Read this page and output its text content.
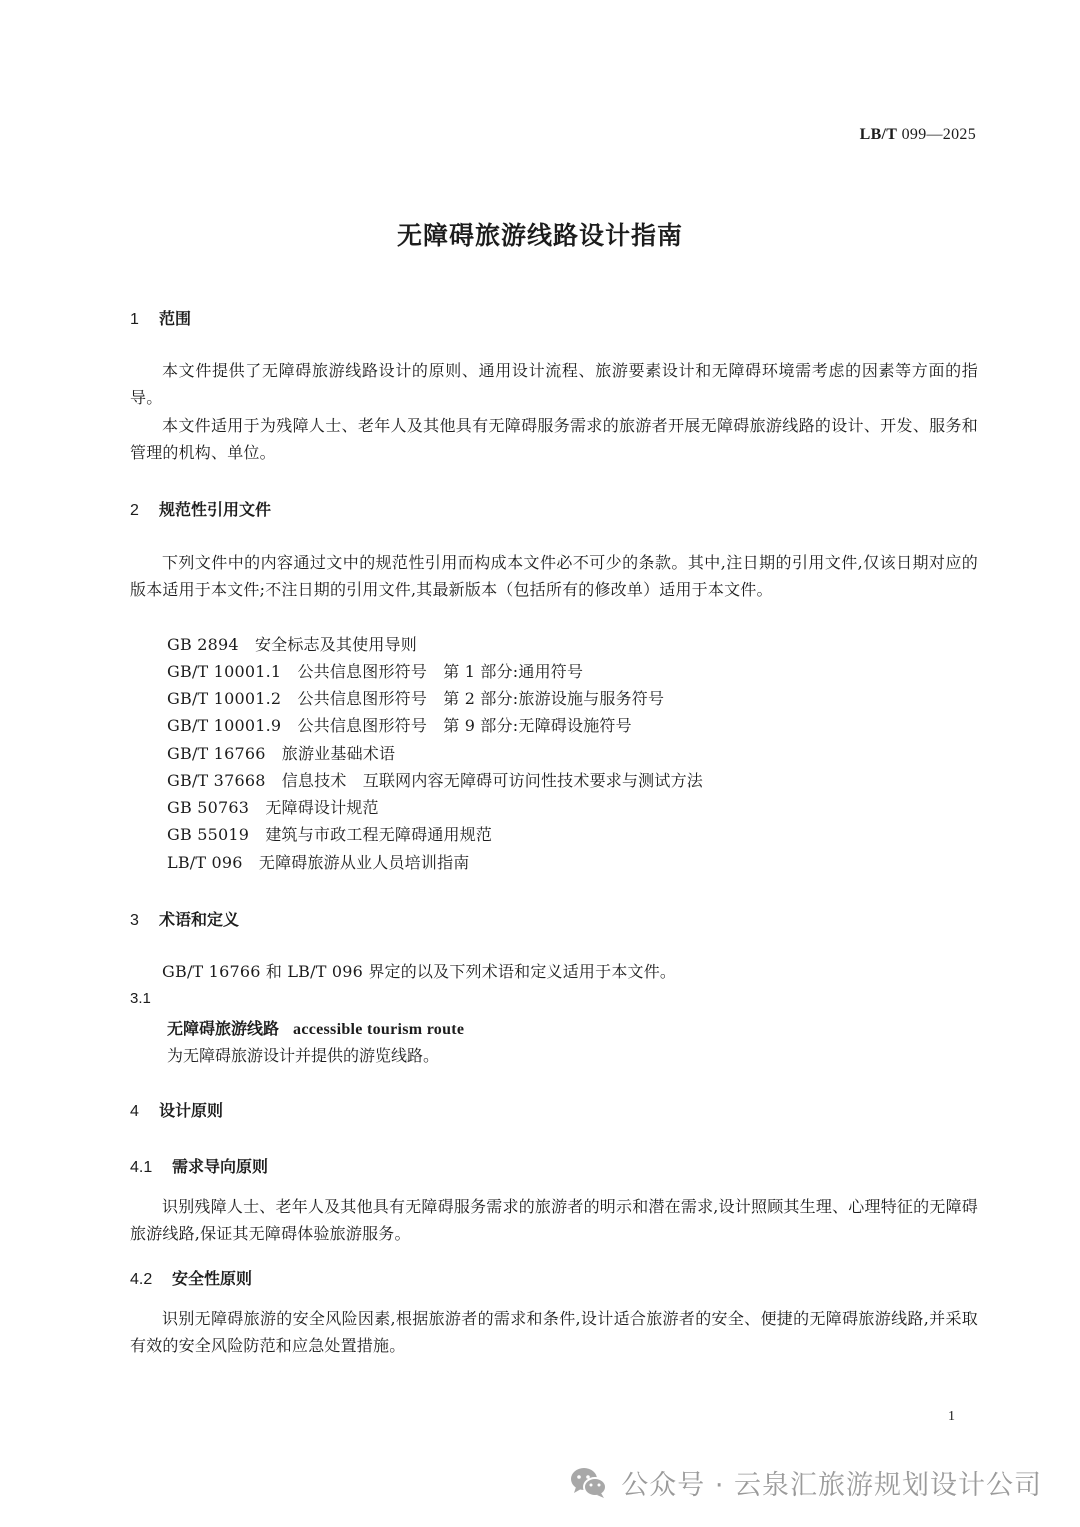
LB/T 099—2025
无障碍旅游线路设计指南
1 范围
本文件提供了无障碍旅游线路设计的原则、通用设计流程、旅游要素设计和无障碍环境需考虑的因素等方面的指导。
本文件适用于为残障人士、老年人及其他具有无障碍服务需求的旅游者开展无障碍旅游线路的设计、开发、服务和管理的机构、单位。
2 规范性引用文件
下列文件中的内容通过文中的规范性引用而构成本文件必不可少的条款。其中,注日期的引用文件,仅该日期对应的版本适用于本文件;不注日期的引用文件,其最新版本（包括所有的修改单）适用于本文件。
GB 2894　安全标志及其使用导则
GB/T 10001.1　公共信息图形符号　第 1 部分:通用符号
GB/T 10001.2　公共信息图形符号　第 2 部分:旅游设施与服务符号
GB/T 10001.9　公共信息图形符号　第 9 部分:无障碍设施符号
GB/T 16766　旅游业基础术语
GB/T 37668　信息技术　互联网内容无障碍可访问性技术要求与测试方法
GB 50763　无障碍设计规范
GB 55019　建筑与市政工程无障碍通用规范
LB/T 096　无障碍旅游从业人员培训指南
3 术语和定义
GB/T 16766 和 LB/T 096 界定的以及下列术语和定义适用于本文件。
3.1
无障碍旅游线路 accessible tourism route
为无障碍旅游设计并提供的游览线路。
4 设计原则
4.1 需求导向原则
识别残障人士、老年人及其他具有无障碍服务需求的旅游者的明示和潜在需求,设计照顾其生理、心理特征的无障碍旅游线路,保证其无障碍体验旅游服务。
4.2 安全性原则
识别无障碍旅游的安全风险因素,根据旅游者的需求和条件,设计适合旅游者的安全、便捷的无障碍旅游线路,并采取有效的安全风险防范和应急处置措施。
1
公众号 · 云泉汇旅游规划设计公司
